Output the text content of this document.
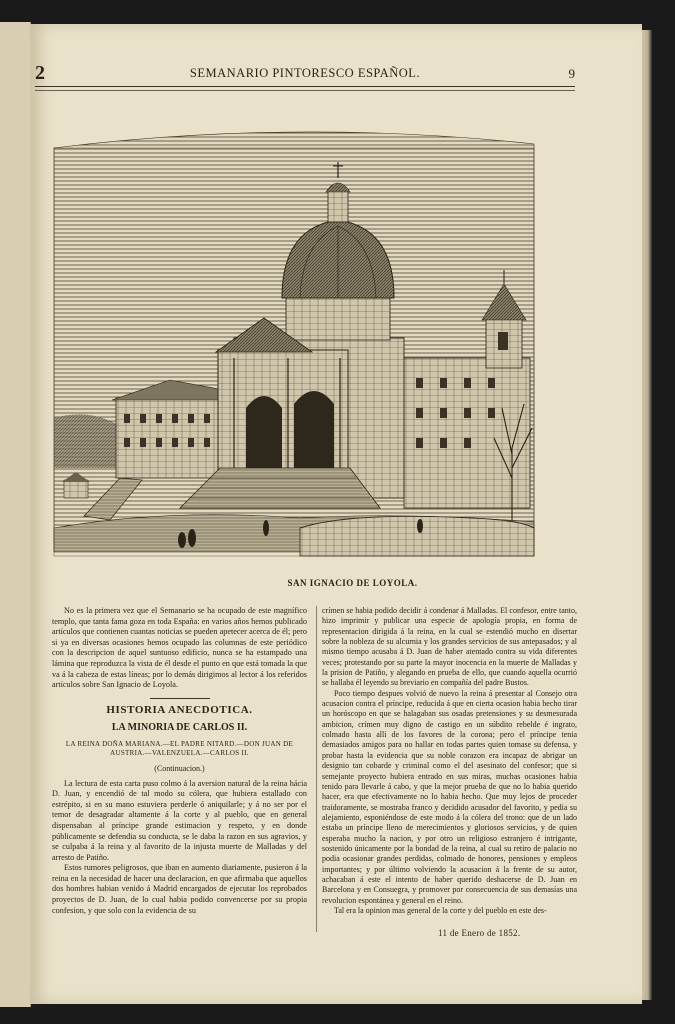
2	SEMANARIO PINTORESCO ESPAÑOL.	9
SAN IGNACIO DE LOYOLA.

No es la primera vez que el Semanario se ha ocupado de este magnífico templo, que tanta fama goza en toda España: en varios años hemos publicado artículos que contienen cuantas noticias se pueden apetecer acerca de él; pero si ya en diversas ocasiones hemos ocupado las columnas de este periódico con la descripcion de aquel suntuoso edificio, nunca se ha estampado una lámina que reproduzca la vista de él desde el punto en que está tomada la que va á la cabeza de estas líneas; por lo demás dirigimos al lector á los referidos artículos sobre San Ignacio de Loyola.

HISTORIA ANECDOTICA.
LA MINORIA DE CARLOS II.
LA REINA DOÑA MARIANA.—EL PADRE NITARD.—DON JUAN DE AUSTRIA.—VALENZUELA.—CARLOS II.
(Continuacion.)

La lectura de esta carta puso colmo á la aversion natural de la reina hácia D. Juan, y encendió de tal modo su cólera, que hubiera estallado con estrépito, si en su mano estuviera perderle ó aniquilarle; y á no ser por el temor de desagradar altamente á la corte y al pueblo, que en general dispensaban al príncipe grande estimacion y respeto, y en donde públicamente se defendia su conducta, se le daba la razon en sus agravios, y se culpaba á la reina y al favorito de la injusta muerte de Malladas y del arresto de Patiño.

Estos rumores peligrosos, que iban en aumento diariamente, pusieron á la reina en la necesidad de hacer una declaracion, en que afirmaba que aquellos dos hombres habian venido á Madrid encargados de ejecutar los reprobados proyectos de D. Juan, de lo cual habia podido convencerse por su propia confesion, y que solo con la evidencia de su

crímen se habia podido decidir á condenar á Malladas. El confesor, entre tanto, hizo imprimir y publicar una especie de apología propia, en forma de representacion dirigida á la reina, en la cual se estendió mucho en disertar sobre la nobleza de su alcurnia y los grandes servicios de sus antepasados; y al mismo tiempo acusaba á D. Juan de haber atentado contra su vida diferentes veces; protestando por su parte la mayor inocencia en la muerte de Malladas y la prision de Patiño, y alegando en prueba de ello, que cuando aquella ocurrió se hallaba él leyendo su breviario en compañía del padre Bustos.

Poco tiempo despues volvió de nuevo la reina á presentar al Consejo otra acusacion contra el príncipe, reducida á que en cierta ocasion habia hecho tirar un horóscopo en que se halagaban sus osadas pretensiones y su desmesurada ambicion, crímen muy digno de castigo en un súbdito rebelde é ingrato, colmado hasta allí de los favores de la corona; pero el príncipe tenia demasiados amigos para no hallar en todas partes quien tomase su defensa, y probar hasta la evidencia que su noble corazon era incapaz de abrigar un designio tan cobarde y criminal como el del asesinato del confesor; que si semejante proyecto hubiera entrado en sus miras, muchas ocasiones habia tenido para llevarle á cabo, y que la mejor prueba de que no lo habia querido hacer, era que efectivamente no lo habia hecho. Que muy lejos de proceder traidoramente, se mostraba franco y decidido acusador del favorito, y pedia su alejamiento, esponiéndose de este modo á la cólera del trono: que de un lado estaba un príncipe lleno de merecimientos y gloriosos servicios, y de quien esperaba mucho la nacion, y por otro un religioso estranjero é intrigante, sostenido únicamente por la bondad de la reina, al cual su retiro de palacio no podia ocasionar grandes perdidas, colmado de honores, pensiones y empleos importantes; y por último volviendo la acusacion á la frente de su autor, achacaban á este el intento de haber querido deshacerse de D. Juan en Barcelona y en Consuegra, y promover por consecuencia de sus demasías una revolucion espontánea y general en el reino.

Tal era la opinion mas general de la corte y del pueblo en este des-

11 de Enero de 1852.
